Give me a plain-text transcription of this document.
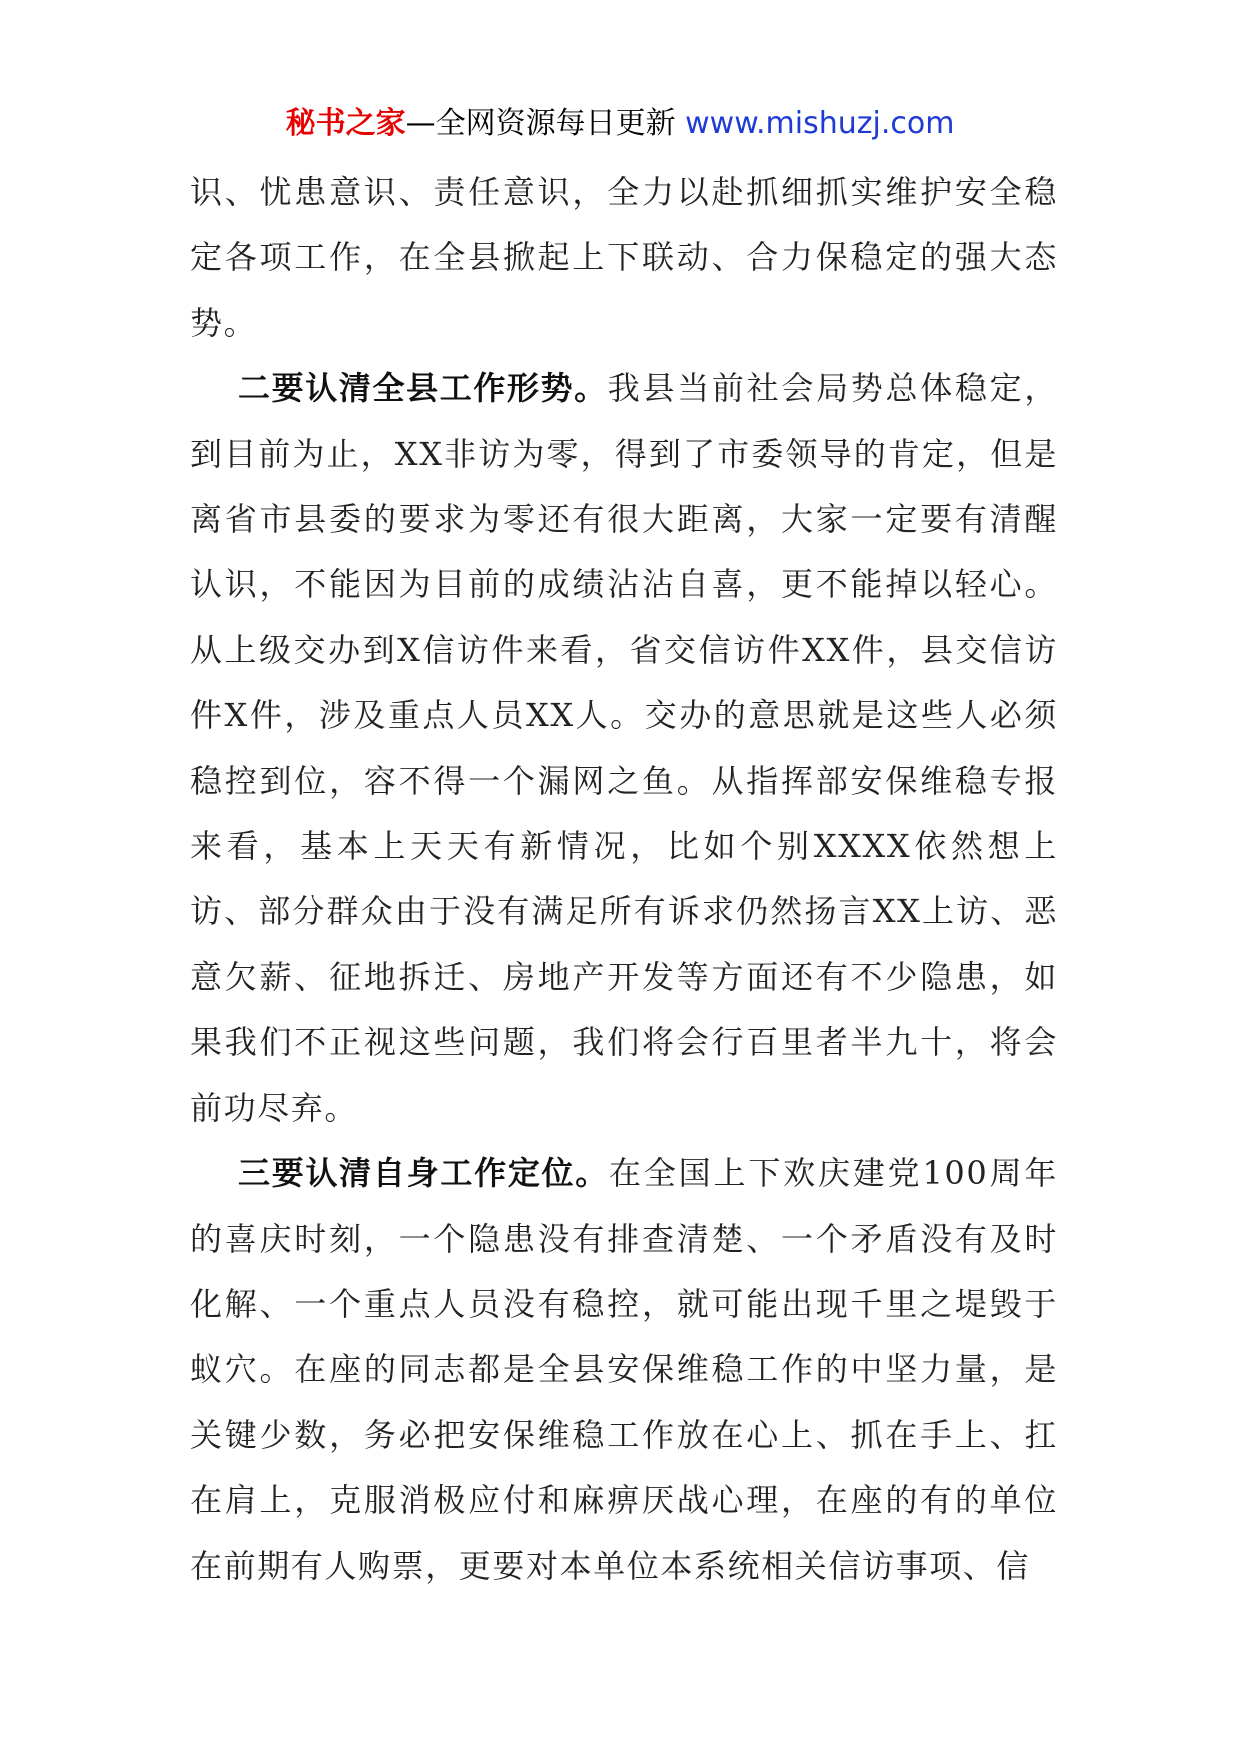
秘书之家—全网资源每日更新 www.mishuzj.com

识、忧患意识、责任意识，全力以赴抓细抓实维护安全稳定各项工作，在全县掀起上下联动、合力保稳定的强大态势。

二要认清全县工作形势。我县当前社会局势总体稳定，到目前为止，XX非访为零，得到了市委领导的肯定，但是离省市县委的要求为零还有很大距离，大家一定要有清醒认识，不能因为目前的成绩沾沾自喜，更不能掉以轻心。从上级交办到X信访件来看，省交信访件XX件，县交信访件X件，涉及重点人员XX人。交办的意思就是这些人必须稳控到位，容不得一个漏网之鱼。从指挥部安保维稳专报来看，基本上天天有新情况，比如个别XXXX依然想上访、部分群众由于没有满足所有诉求仍然扬言XX上访、恶意欠薪、征地拆迁、房地产开发等方面还有不少隐患，如果我们不正视这些问题，我们将会行百里者半九十，将会前功尽弃。

三要认清自身工作定位。在全国上下欢庆建党100周年的喜庆时刻，一个隐患没有排查清楚、一个矛盾没有及时化解、一个重点人员没有稳控，就可能出现千里之堤毁于蚁穴。在座的同志都是全县安保维稳工作的中坚力量，是关键少数，务必把安保维稳工作放在心上、抓在手上、扛在肩上，克服消极应付和麻痹厌战心理，在座的有的单位在前期有人购票，更要对本单位本系统相关信访事项、信
